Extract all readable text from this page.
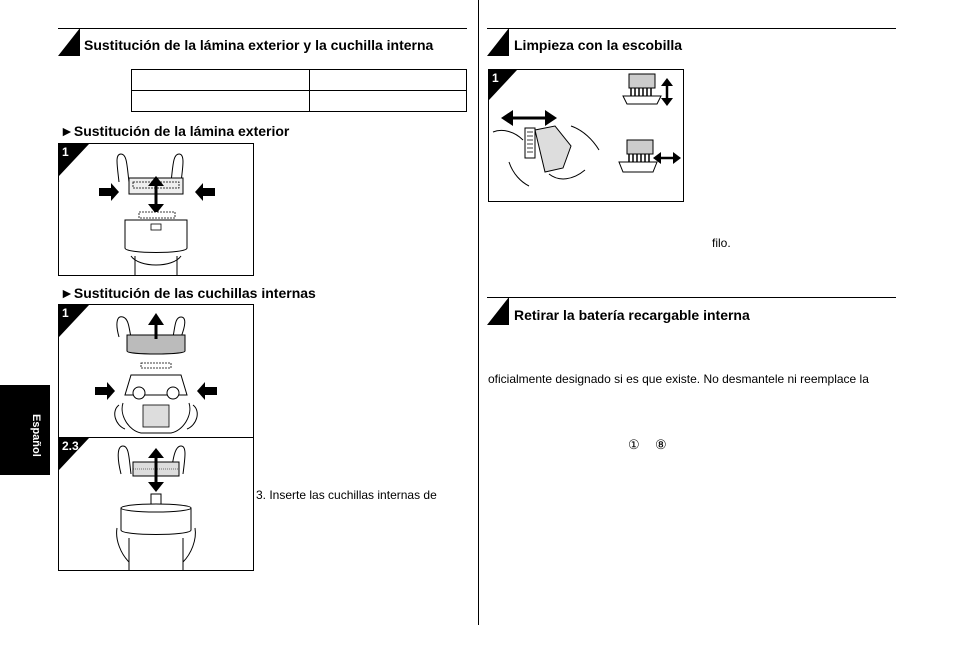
Sustitución de la lámina exterior y la cuchilla interna

►Sustitución de la lámina exterior
1
►Sustitución de las cuchillas internas
1
2.3
3. Inserte las cuchillas internas de
Español
Limpieza con la escobilla
1
filo.
Retirar la batería recargable interna
oficialmente designado si es que existe. No desmantele ni reemplace la
① ⑧
